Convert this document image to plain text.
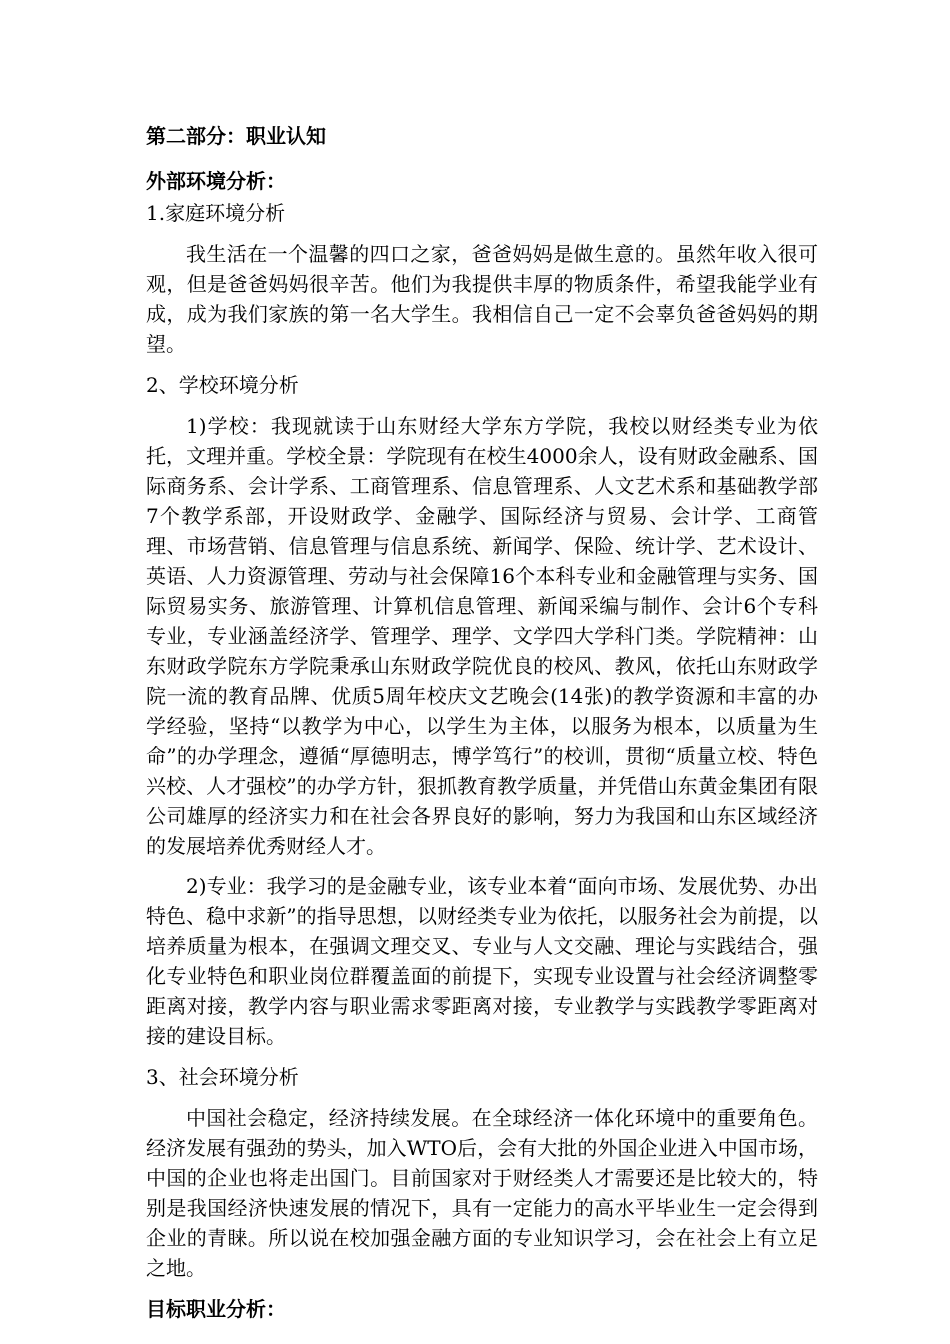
第二部分：职业认知

外部环境分析：

1.家庭环境分析

我生活在一个温馨的四口之家，爸爸妈妈是做生意的。虽然年收入很可观，但是爸爸妈妈很辛苦。他们为我提供丰厚的物质条件，希望我能学业有成，成为我们家族的第一名大学生。我相信自己一定不会辜负爸爸妈妈的期望。

2、学校环境分析

1)学校：我现就读于山东财经大学东方学院，我校以财经类专业为依托，文理并重。学校全景：学院现有在校生4000余人，设有财政金融系、国际商务系、会计学系、工商管理系、信息管理系、人文艺术系和基础教学部7个教学系部，开设财政学、金融学、国际经济与贸易、会计学、工商管理、市场营销、信息管理与信息系统、新闻学、保险、统计学、艺术设计、英语、人力资源管理、劳动与社会保障16个本科专业和金融管理与实务、国际贸易实务、旅游管理、计算机信息管理、新闻采编与制作、会计6个专科专业，专业涵盖经济学、管理学、理学、文学四大学科门类。学院精神：山东财政学院东方学院秉承山东财政学院优良的校风、教风，依托山东财政学院一流的教育品牌、优质5周年校庆文艺晚会(14张)的教学资源和丰富的办学经验，坚持“以教学为中心，以学生为主体，以服务为根本，以质量为生命”的办学理念，遵循“厚德明志，博学笃行”的校训，贯彻“质量立校、特色兴校、人才强校”的办学方针，狠抓教育教学质量，并凭借山东黄金集团有限公司雄厚的经济实力和在社会各界良好的影响，努力为我国和山东区域经济的发展培养优秀财经人才。

2)专业：我学习的是金融专业，该专业本着“面向市场、发展优势、办出特色、稳中求新”的指导思想，以财经类专业为依托，以服务社会为前提，以培养质量为根本，在强调文理交叉、专业与人文交融、理论与实践结合，强化专业特色和职业岗位群覆盖面的前提下，实现专业设置与社会经济调整零距离对接，教学内容与职业需求零距离对接，专业教学与实践教学零距离对接的建设目标。

3、社会环境分析

中国社会稳定，经济持续发展。在全球经济一体化环境中的重要角色。经济发展有强劲的势头，加入WTO后，会有大批的外国企业进入中国市场，中国的企业也将走出国门。目前国家对于财经类人才需要还是比较大的，特别是我国经济快速发展的情况下，具有一定能力的高水平毕业生一定会得到企业的青睐。所以说在校加强金融方面的专业知识学习，会在社会上有立足之地。

目标职业分析：
